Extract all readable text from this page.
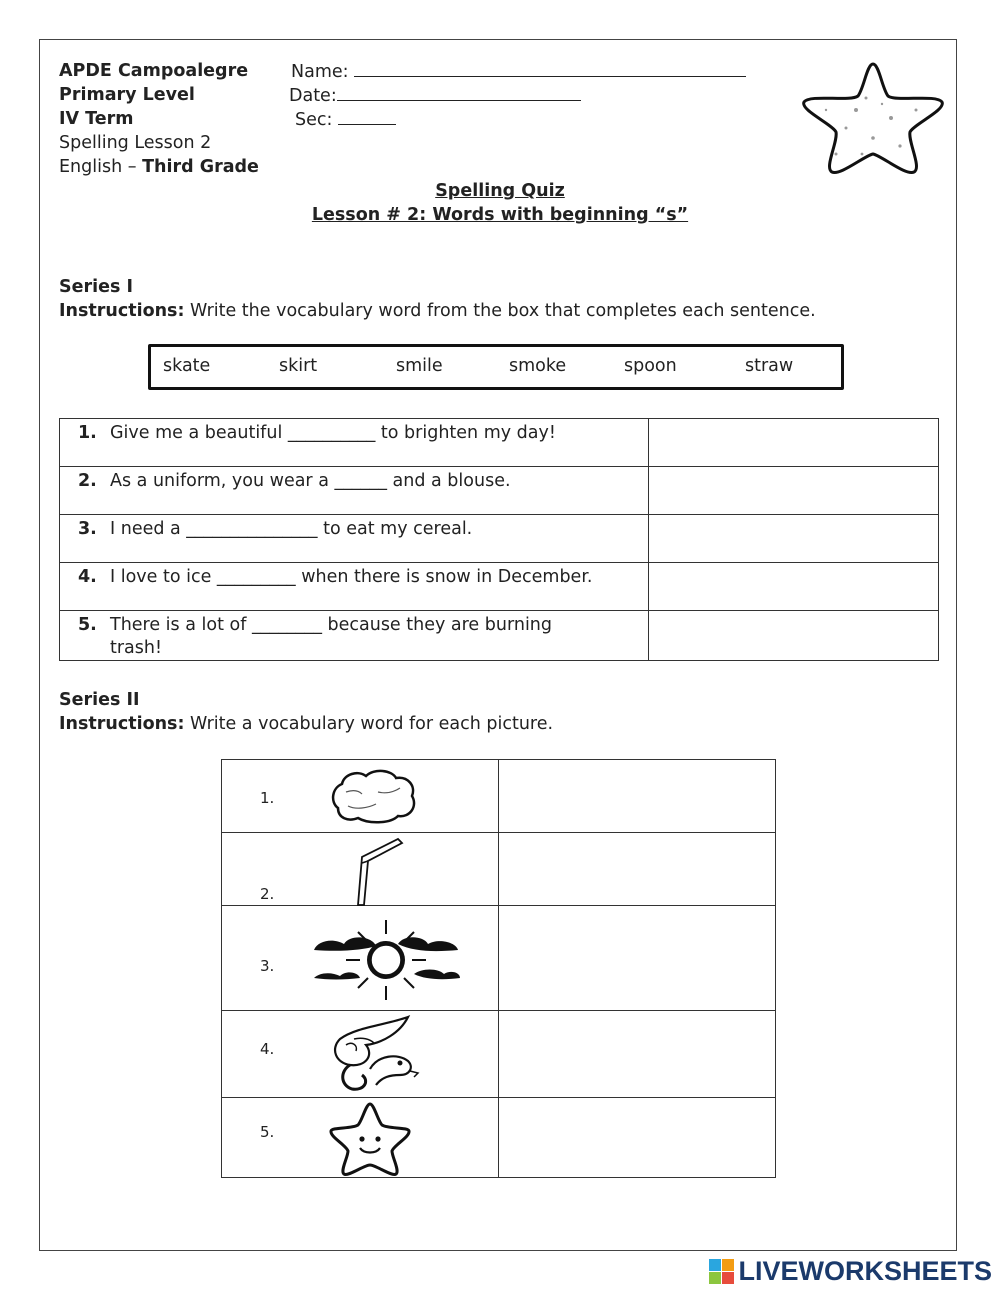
APDE Campoalegre
Primary Level
IV Term
Spelling Lesson 2
English – Third Grade
Name:
Date:
Sec:
Spelling Quiz
Lesson # 2: Words with beginning “s”
Series I
Instructions: Write the vocabulary word from the box that completes each sentence.
skate	skirt	smile	smoke	spoon	straw
1. Give me a beautiful __________ to brighten my day!	

2. As a uniform, you wear a ______ and a blouse.	

3. I need a _______________ to eat my cereal.	

4. I love to ice _________ when there is snow in December.	

5. There is a lot of ________ because they are burning trash!	

Series II
Instructions: Write a vocabulary word for each picture.
1.	

2.	

3.	

4.	

5.	

LIVEWORKSHEETS
